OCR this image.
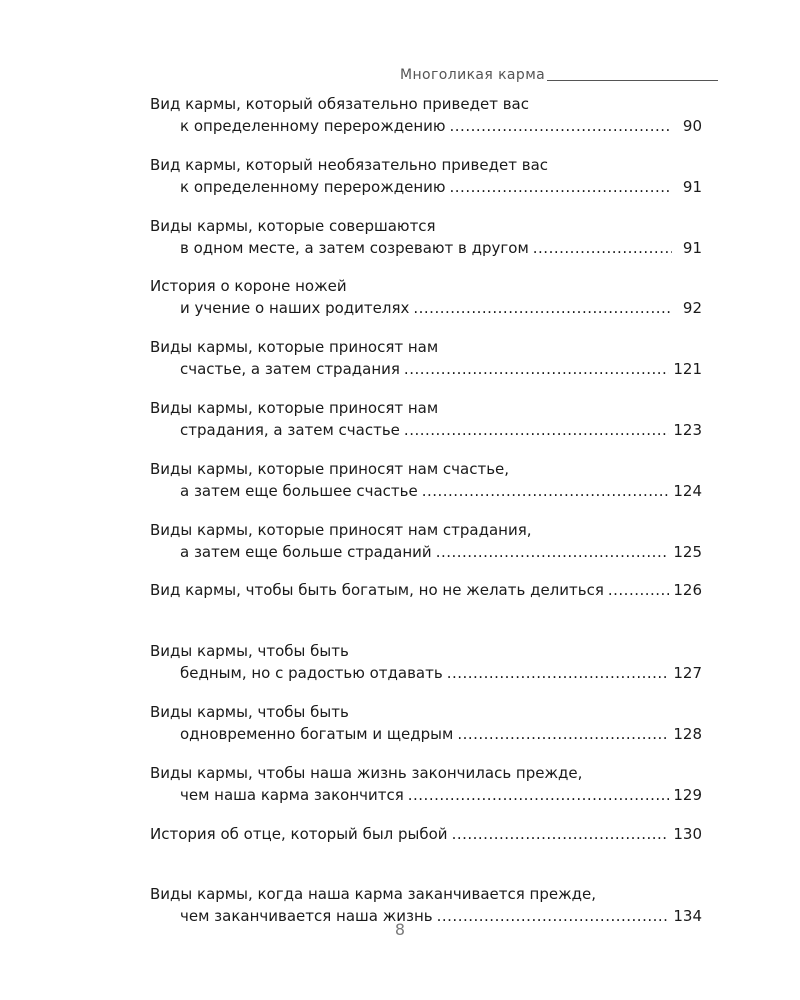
Многоликая карма
Вид кармы, который обязательно приведет вас
к определенному перерождению .....	90
Вид кармы, который необязательно приведет вас
к определенному перерождению .....	91
Виды кармы, которые совершаются
в одном месте, а затем созревают в другом .....	91
История о короне ножей
и учение о наших родителях .....	92
Виды кармы, которые приносят нам
счастье, а затем страдания .....	121
Виды кармы, которые приносят нам
страдания, а затем счастье .....	123
Виды кармы, которые приносят нам счастье,
а затем еще большее счастье .....	124
Виды кармы, которые приносят нам страдания,
а затем еще больше страданий .....	125
Вид кармы, чтобы быть богатым, но не желать делиться .....	126
Виды кармы, чтобы быть
бедным, но с радостью отдавать .....	127
Виды кармы, чтобы быть
одновременно богатым и щедрым .....	128
Виды кармы, чтобы наша жизнь закончилась прежде,
чем наша карма закончится .....	129
История об отце, который был рыбой .....	130
Виды кармы, когда наша карма заканчивается прежде,
чем заканчивается наша жизнь .....	134
8
